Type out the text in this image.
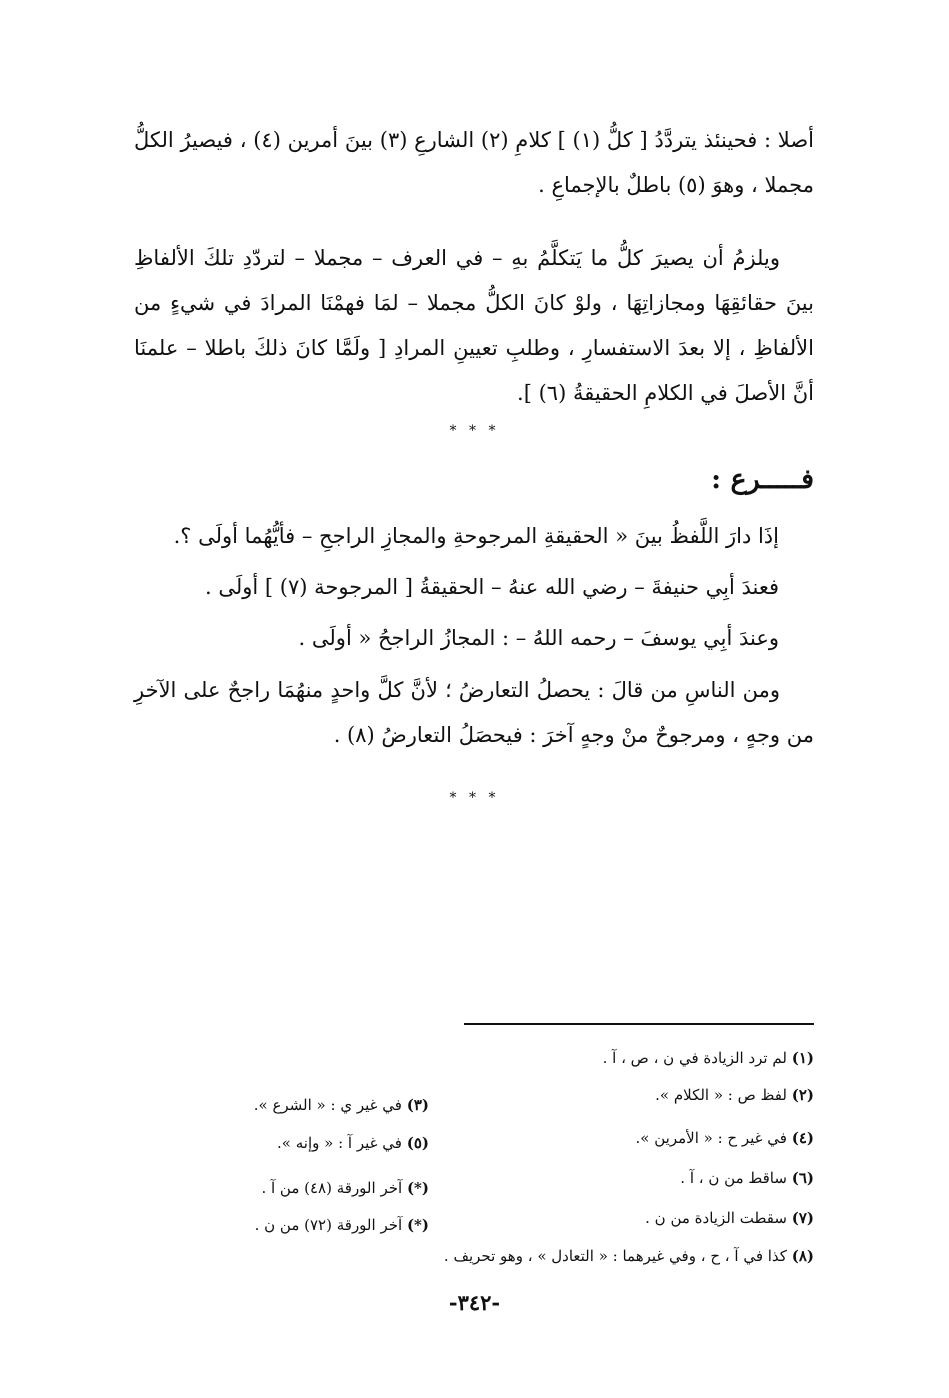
أصلا : فحينئذ يتردَّدُ [ كلُّ (١) ] كلامِ (٢) الشارعِ (٣) بينَ أمرين (٤) ، فيصيرُ الكلُّ مجملا ، وهوَ (٥) باطلٌ بالإجماعِ .

ويلزمُ أن يصيرَ كلُّ ما يَتكلَّمُ بهِ – في العرف – مجملا – لتردّدِ تلكَ الألفاظِ بينَ حقائقِهَا ومجازاتِهَا ، ولوْ كانَ الكلُّ مجملا – لمَا فهمْنَا المرادَ في شيءٍ من الألفاظِ ، إلا بعدَ الاستفسارِ ، وطلبِ تعيينِ المرادِ [ ولَمَّا كانَ ذلكَ باطلا – علمنَا أنَّ الأصلَ في الكلامِ الحقيقةُ (٦) ].

* * *
فـــــرع :
إذَا دارَ اللَّفظُ بينَ « الحقيقةِ المرجوحةِ والمجازِ الراجحِ – فأيُّهُما أولَى ؟.
فعندَ أبِي حنيفةَ – رضي الله عنهُ – الحقيقةُ [ المرجوحة (٧) ] أولَى .
وعندَ أبِي يوسفَ – رحمه اللهُ – : المجازُ الراجحُ « أولَى .

ومن الناسِ من قالَ : يحصلُ التعارضُ ؛ لأنَّ كلَّ واحدٍ منهُمَا راجحٌ على الآخرِ من وجهٍ ، ومرجوحٌ منْ وجهٍ آخرَ : فيحصَلُ التعارضُ (٨) .

* * *
(١) لم ترد الزيادة في ن ، ص ، آ .
(٢) لفظ ص : « الكلام ».
(٣) في غير ي : « الشرع ».
(٤) في غير ح : « الأمرين ».
(٥) في غير آ : « وإنه ».
(*) آخر الورقة (٤٨) من آ .
(٦) ساقط من ن ، آ .
(*) آخر الورقة (٧٢) من ن .	(٧) سقطت الزيادة من ن .
(٨) كذا في آ ، ح ، وفي غيرهما : « التعادل » ، وهو تحريف .
-٣٤٢-
